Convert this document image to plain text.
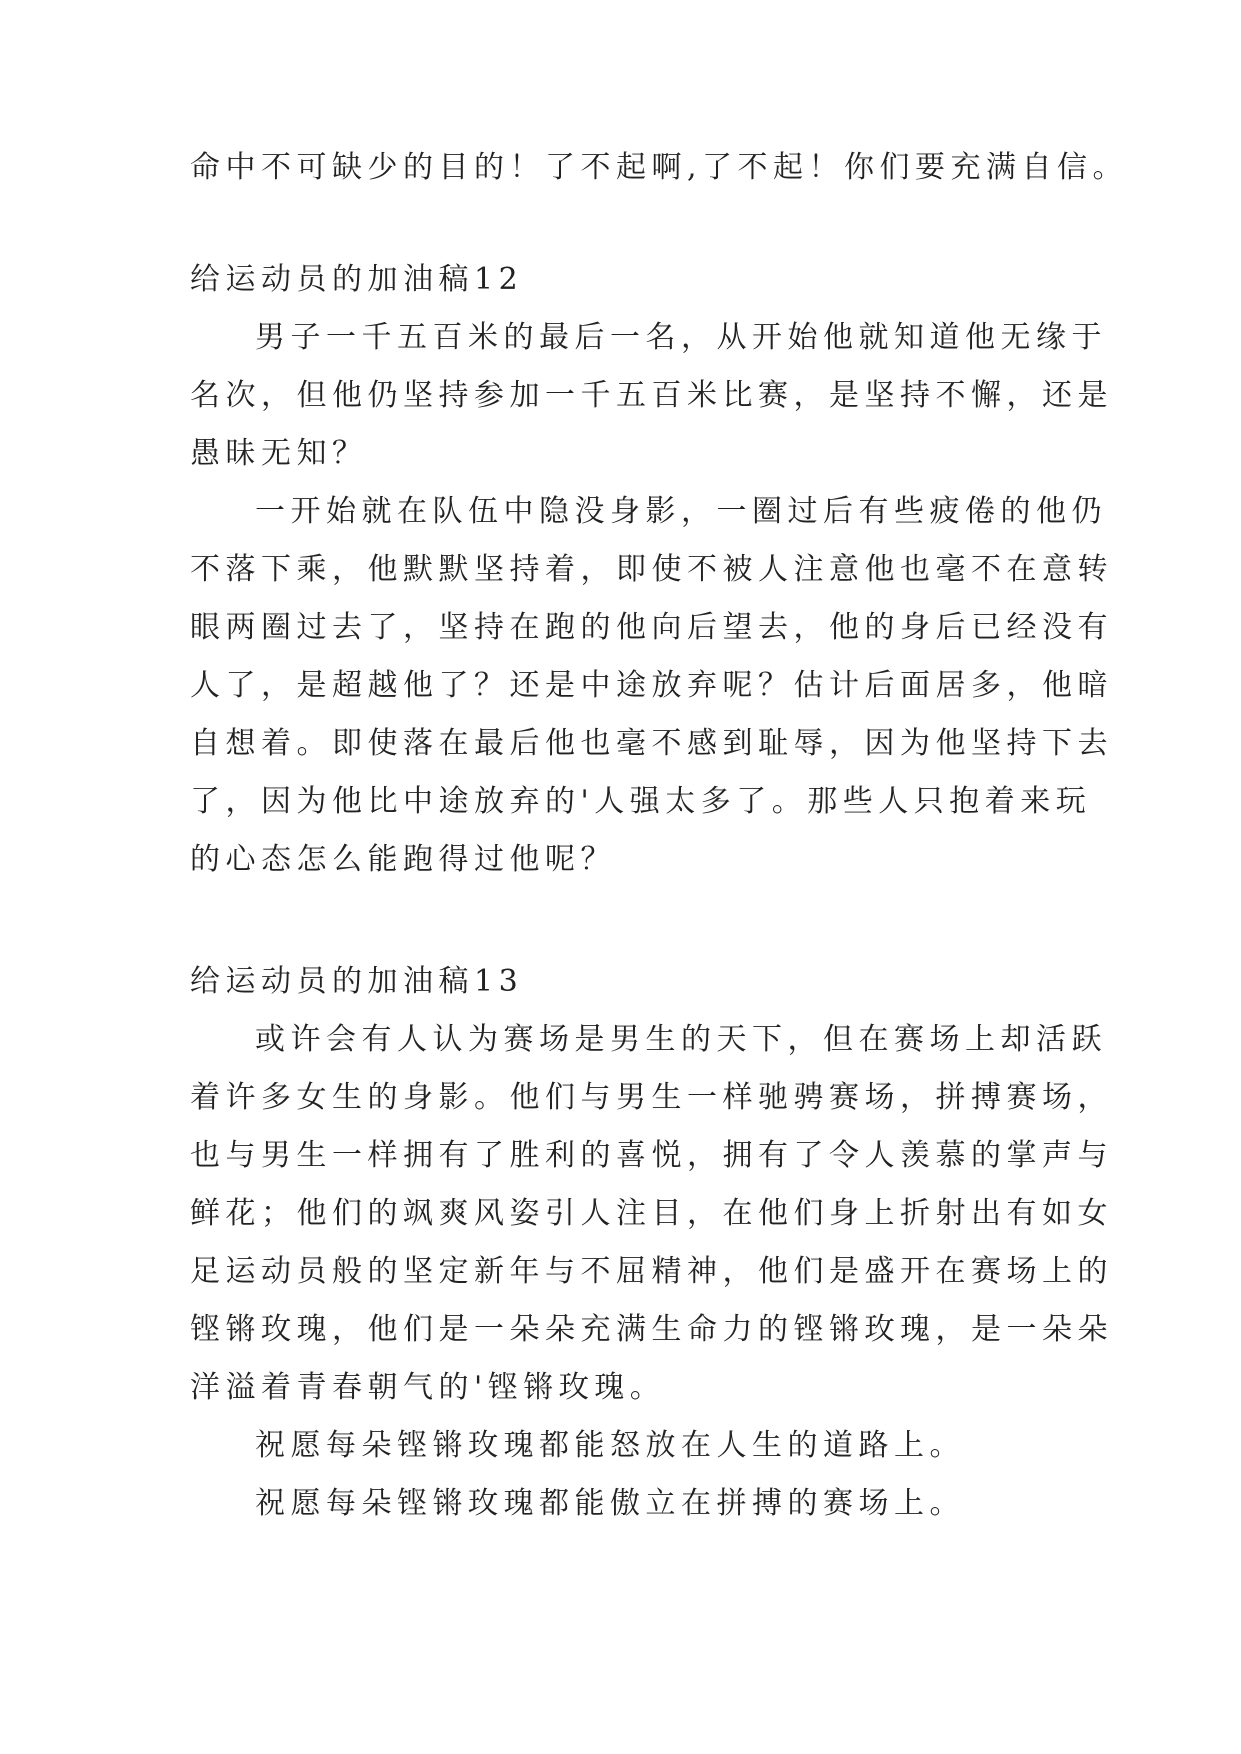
命中不可缺少的目的！了不起啊,了不起！你们要充满自信。
给运动员的加油稿12
男子一千五百米的最后一名，从开始他就知道他无缘于
名次，但他仍坚持参加一千五百米比赛，是坚持不懈，还是
愚昧无知？
一开始就在队伍中隐没身影，一圈过后有些疲倦的他仍
不落下乘，他默默坚持着，即使不被人注意他也毫不在意转
眼两圈过去了，坚持在跑的他向后望去，他的身后已经没有
人了，是超越他了？还是中途放弃呢？估计后面居多，他暗
自想着。即使落在最后他也毫不感到耻辱，因为他坚持下去
了，因为他比中途放弃的'人强太多了。那些人只抱着来玩
的心态怎么能跑得过他呢？
给运动员的加油稿13
或许会有人认为赛场是男生的天下，但在赛场上却活跃
着许多女生的身影。他们与男生一样驰骋赛场，拼搏赛场，
也与男生一样拥有了胜利的喜悦，拥有了令人羡慕的掌声与
鲜花；他们的飒爽风姿引人注目，在他们身上折射出有如女
足运动员般的坚定新年与不屈精神，他们是盛开在赛场上的
铿锵玫瑰，他们是一朵朵充满生命力的铿锵玫瑰，是一朵朵
洋溢着青春朝气的'铿锵玫瑰。
祝愿每朵铿锵玫瑰都能怒放在人生的道路上。
祝愿每朵铿锵玫瑰都能傲立在拼搏的赛场上。
